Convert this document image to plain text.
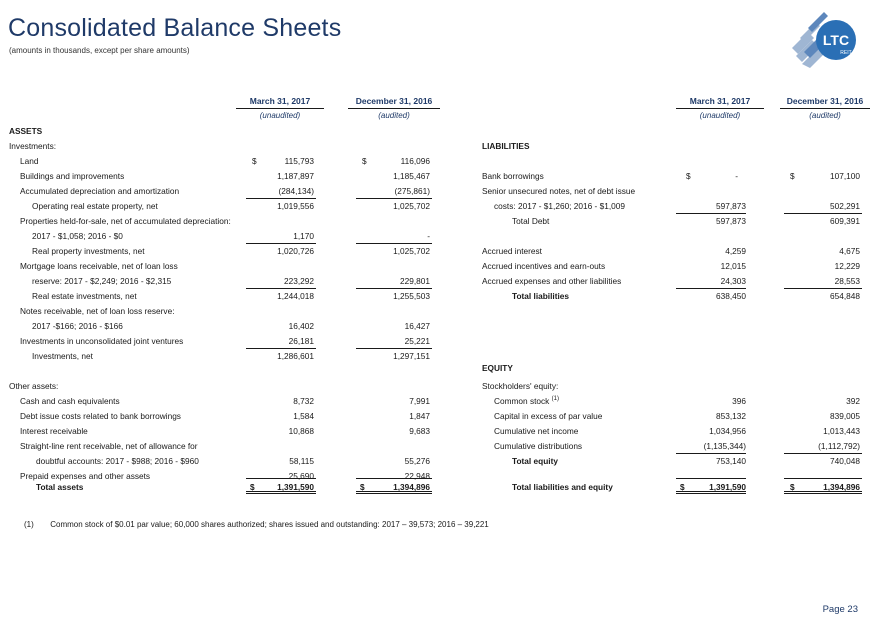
Consolidated Balance Sheets
(amounts in thousands, except per share amounts)
LTC
REIT
March 31, 2017	December 31, 2016
(unaudited)	(audited)
March 31, 2017	December 31, 2016
(unaudited)	(audited)
ASSETS
Investments:
Land	$	115,793	$	116,096
Buildings and improvements	1,187,897	1,185,467
Accumulated depreciation and amortization	(284,134)	(275,861)
Operating real estate property, net	1,019,556	1,025,702
Properties held-for-sale, net of accumulated depreciation:
2017 - $1,058; 2016 - $0	1,170	-
Real property investments, net	1,020,726	1,025,702
Mortgage loans receivable, net of loan loss
reserve: 2017 - $2,249; 2016 - $2,315	223,292	229,801
Real estate investments, net	1,244,018	1,255,503
Notes receivable, net of loan loss reserve:
2017 -$166; 2016 - $166	16,402	16,427
Investments in unconsolidated joint ventures	26,181	25,221
Investments, net	1,286,601	1,297,151
Other assets:
Cash and cash equivalents	8,732	7,991
Debt issue costs related to bank borrowings	1,584	1,847
Interest receivable	10,868	9,683
Straight-line rent receivable, net of allowance for
doubtful accounts: 2017 - $988; 2016 - $960	58,115	55,276
Prepaid expenses and other assets	25,690	22,948
Total assets	$	1,391,590	$	1,394,896
LIABILITIES
Bank borrowings	$	-	$	107,100
Senior unsecured notes, net of debt issue
costs: 2017 - $1,260; 2016 - $1,009	597,873	502,291
Total Debt	597,873	609,391
Accrued interest	4,259	4,675
Accrued incentives and earn-outs	12,015	12,229
Accrued expenses and other liabilities	24,303	28,553
Total liabilities	638,450	654,848
EQUITY
Stockholders' equity:
Common stock $^{(1)}$	396	392
Capital in excess of par value	853,132	839,005
Cumulative net income	1,034,956	1,013,443
Cumulative distributions	(1,135,344)	(1,112,792)
Total equity	753,140	740,048
Total liabilities and equity	$	1,391,590	$	1,394,896
(1) Common stock of $0.01 par value; 60,000 shares authorized; shares issued and outstanding: 2017 – 39,573; 2016 – 39,221
Page 23
